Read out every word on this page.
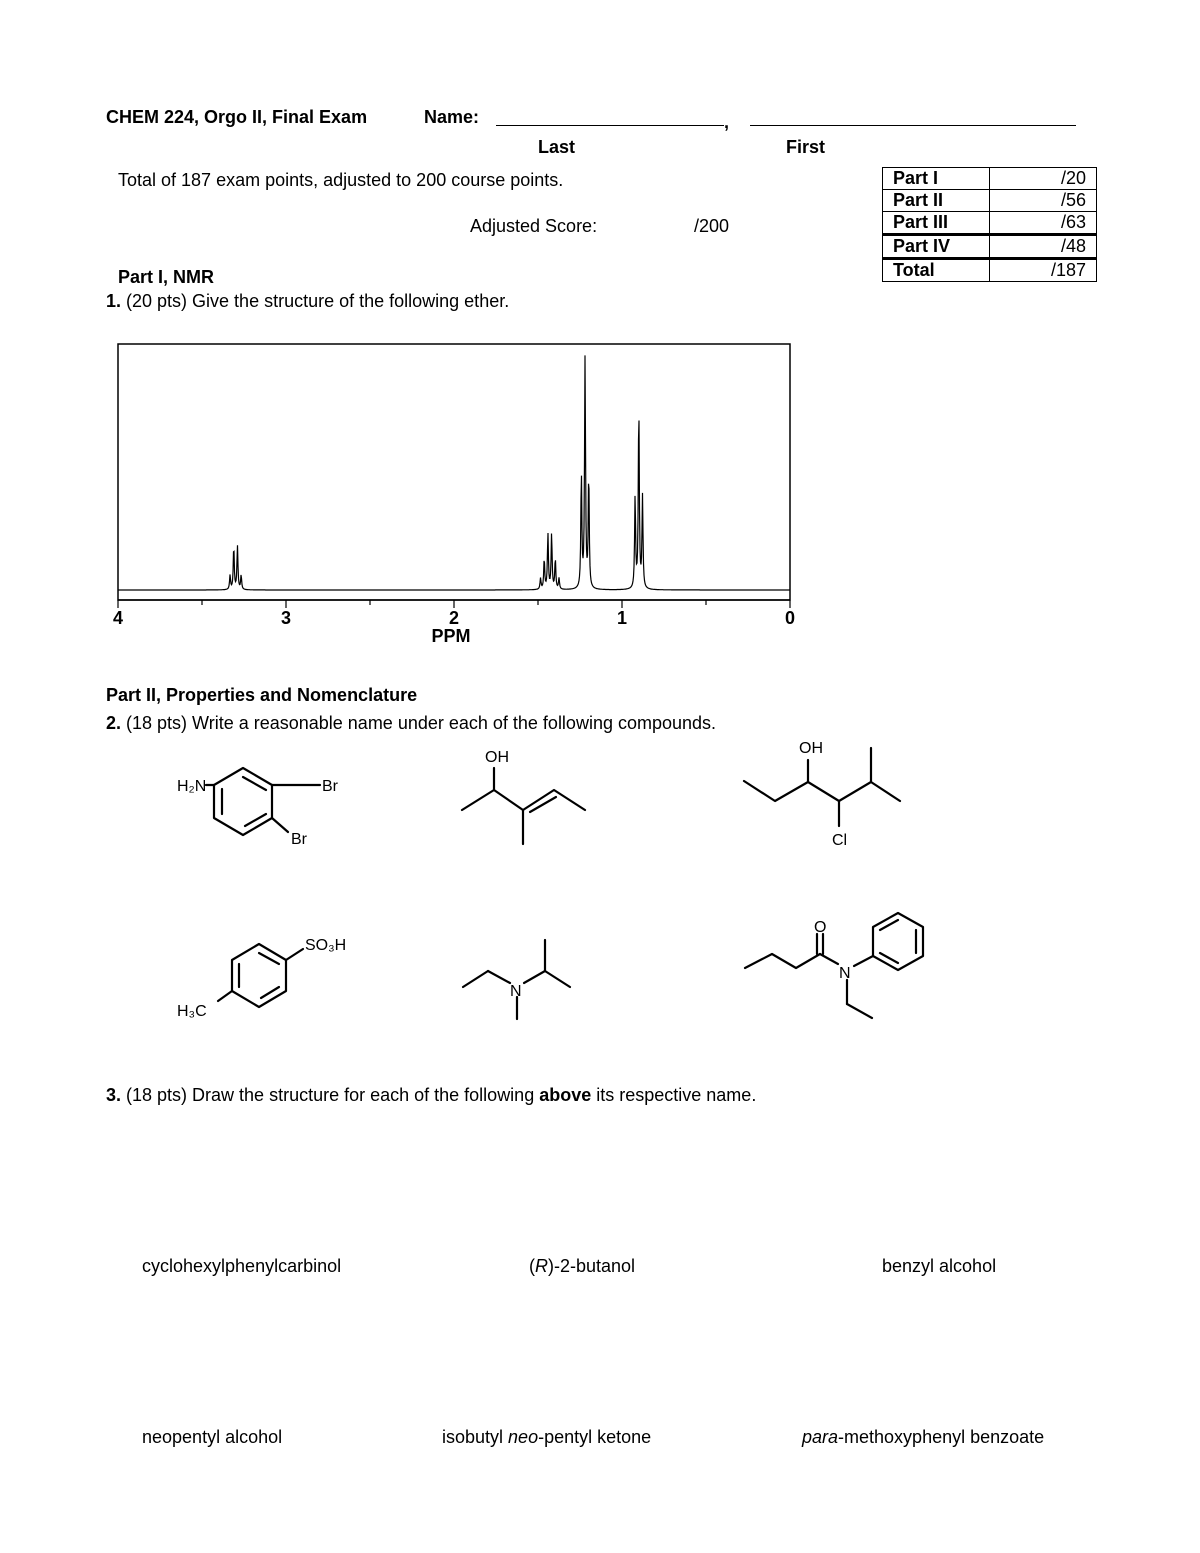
CHEM 224, Orgo II, Final Exam	Name:	,
Last	First
Total of 187 exam points, adjusted to 200 course points.
Adjusted Score:	/200
Part I	/20
Part II	/56
Part III	/63
Part IV	/48
Total	/187
Part I, NMR
1. (20 pts) Give the structure of the following ether.
4	3	2	1	0
PPM
Part II, Properties and Nomenclature
2. (18 pts) Write a reasonable name under each of the following compounds.
H₂N	Br
Br
OH
OH
Cl
SO₃H
H₃C
N
O
N
3. (18 pts) Draw the structure for each of the following above its respective name.
cyclohexylphenylcarbinol	(R)-2-butanol	benzyl alcohol
neopentyl alcohol	isobutyl neo-pentyl ketone	para-methoxyphenyl benzoate
